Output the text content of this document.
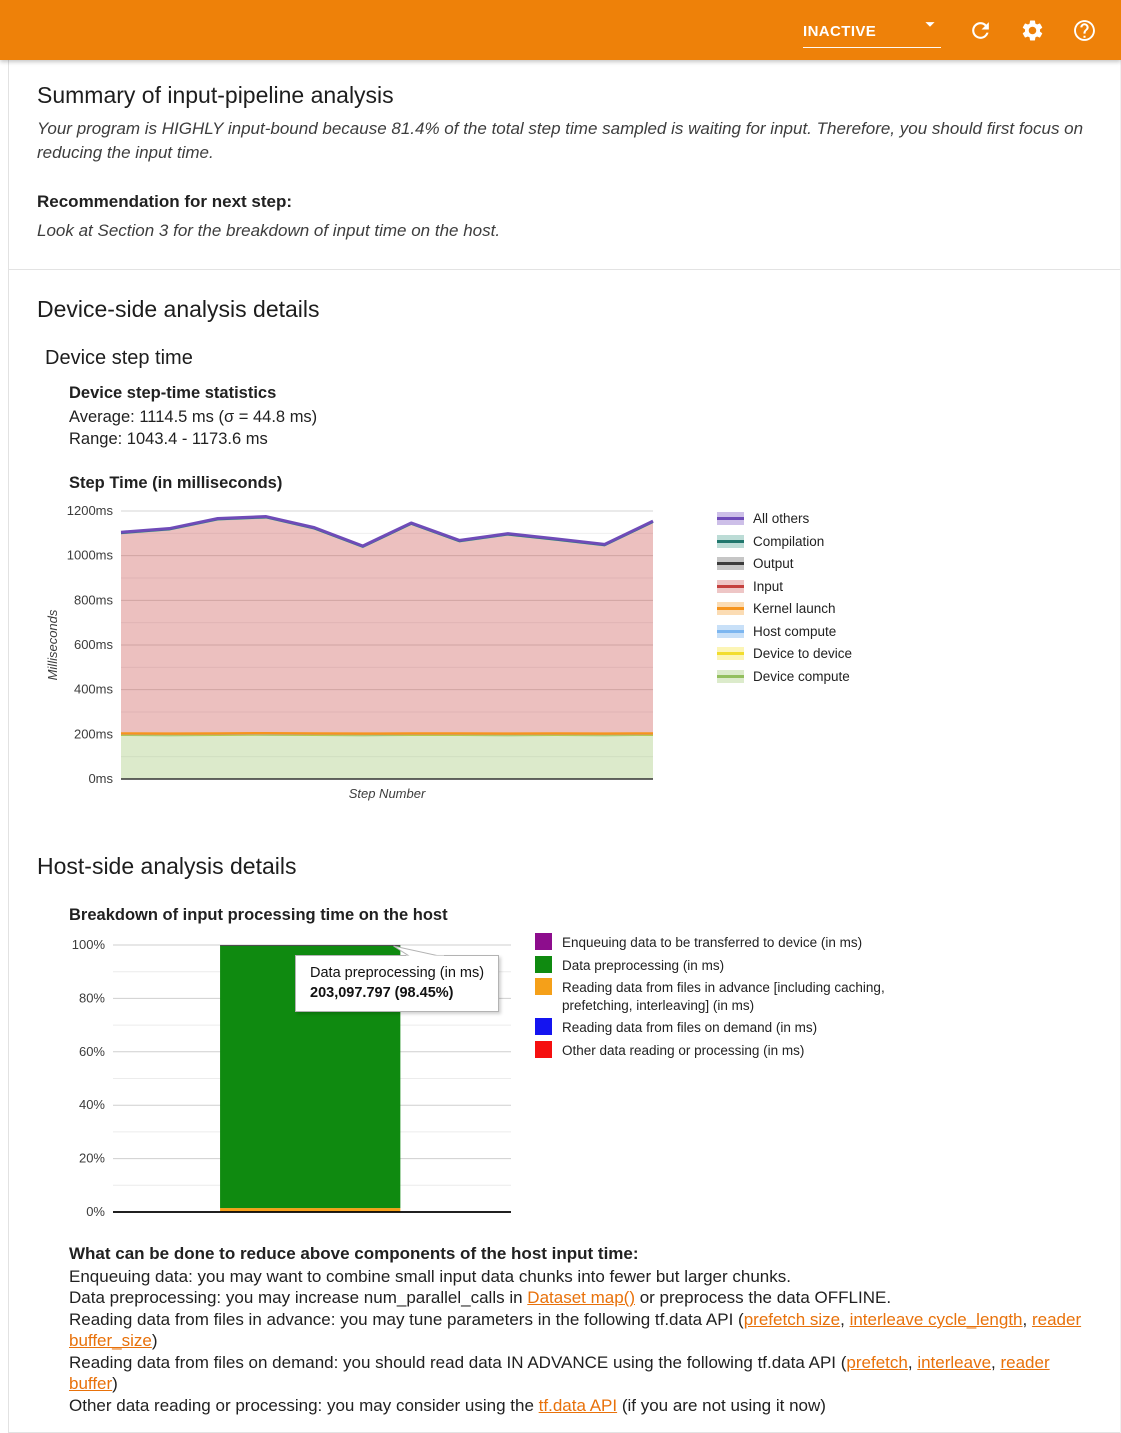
INACTIVE
Summary of input-pipeline analysis

Your program is HIGHLY input-bound because 81.4% of the total step time sampled is waiting for input. Therefore, you should first focus on reducing the input time.

Recommendation for next step:

Look at Section 3 for the breakdown of input time on the host.

Device-side analysis details
Device step time
Device step-time statistics
Average: 1114.5 ms (σ = 44.8 ms)
Range: 1043.4 - 1173.6 ms
Step Time (in milliseconds)
0ms
200ms
400ms
600ms
800ms
1000ms
1200ms
Step Number
Milliseconds
All others
Compilation
Output
Input
Kernel launch
Host compute
Device to device
Device compute
Host-side analysis details
Breakdown of input processing time on the host
0%
20%
40%
60%
80%
100%	Enqueuing data to be transferred to device (in ms)
Data preprocessing (in ms)
Reading data from files in advance [including caching, prefetching, interleaving] (in ms)
Reading data from files on demand (in ms)
Other data reading or processing (in ms)
Data preprocessing (in ms)
203,097.797 (98.45%)
What can be done to reduce above components of the host input time:
Enqueuing data: you may want to combine small input data chunks into fewer but larger chunks.
Data preprocessing: you may increase num_parallel_calls in Dataset map() or preprocess the data OFFLINE.
Reading data from files in advance: you may tune parameters in the following tf.data API (prefetch size, interleave cycle_length, reader buffer_size)
Reading data from files on demand: you should read data IN ADVANCE using the following tf.data API (prefetch, interleave, reader buffer)
Other data reading or processing: you may consider using the tf.data API (if you are not using it now)
